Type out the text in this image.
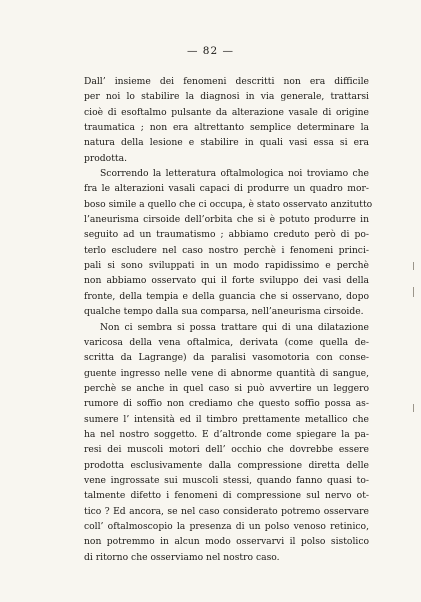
— 82 —
Dall’ insieme dei fenomeni descritti non era difficile
per noi lo stabilire la diagnosi in via generale, trattarsi
cioè di esoftalmo pulsante da alterazione vasale di origine
traumatica ; non era altrettanto semplice determinare la
natura della lesione e stabilire in quali vasi essa si era
prodotta.
Scorrendo la letteratura oftalmologica noi troviamo che
fra le alterazioni vasali capaci di produrre un quadro mor-
boso simile a quello che ci occupa, è stato osservato anzitutto
l’aneurisma cirsoide dell’orbita che si è potuto produrre in
seguito ad un traumatismo ; abbiamo creduto però di po-
terlo escludere nel caso nostro perchè i fenomeni princi-
pali si sono sviluppati in un modo rapidissimo e perchè
non abbiamo osservato qui il forte sviluppo dei vasi della
fronte, della tempia e della guancia che si osservano, dopo
qualche tempo dalla sua comparsa, nell’aneurisma cirsoide.
Non ci sembra si possa trattare qui di una dilatazione
varicosa della vena oftalmica, derivata (come quella de-
scritta da Lagrange) da paralisi vasomotoria con conse-
guente ingresso nelle vene di abnorme quantità di sangue,
perchè se anche in quel caso si può avvertire un leggero
rumore di soffio non crediamo che questo soffio possa as-
sumere l’ intensità ed il timbro prettamente metallico che
ha nel nostro soggetto. E d’altronde come spiegare la pa-
resi dei muscoli motori dell’ occhio che dovrebbe essere
prodotta esclusivamente dalla compressione diretta delle
vene ingrossate sui muscoli stessi, quando fanno quasi to-
talmente difetto i fenomeni di compressione sul nervo ot-
tico ? Ed ancora, se nel caso considerato potremo osservare
coll’ oftalmoscopio la presenza di un polso venoso retinico,
non potremmo in alcun modo osservarvi il polso sistolico
di ritorno che osserviamo nel nostro caso.
